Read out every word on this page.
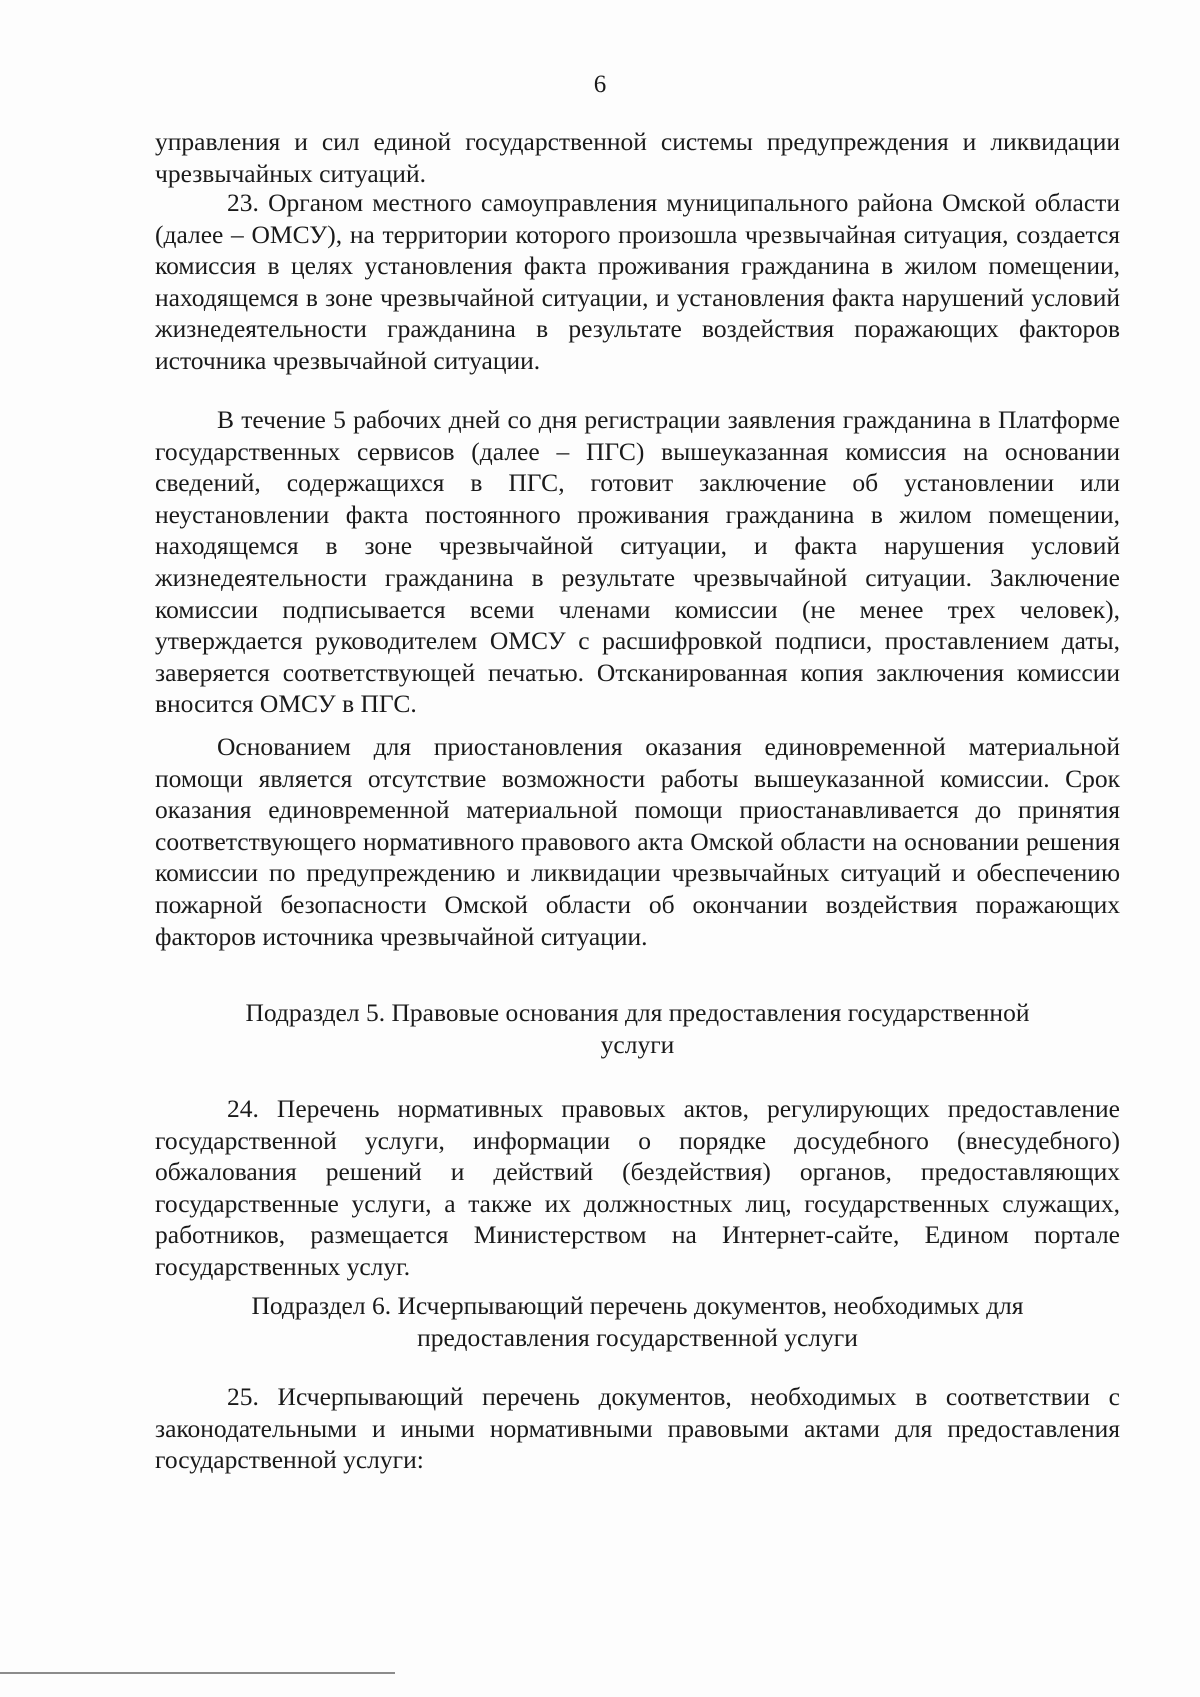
6
управления и сил единой государственной системы предупреждения и ликвидации чрезвычайных ситуаций.
23. Органом местного самоуправления муниципального района Омской области (далее – ОМСУ), на территории которого произошла чрезвычайная ситуация, создается комиссия в целях установления факта проживания гражданина в жилом помещении, находящемся в зоне чрезвычайной ситуации, и установления факта нарушений условий жизнедеятельности гражданина в результате воздействия поражающих факторов источника чрезвычайной ситуации.
В течение 5 рабочих дней со дня регистрации заявления гражданина в Платформе государственных сервисов (далее – ПГС) вышеуказанная комиссия на основании сведений, содержащихся в ПГС, готовит заключение об установлении или неустановлении факта постоянного проживания гражданина в жилом помещении, находящемся в зоне чрезвычайной ситуации, и факта нарушения условий жизнедеятельности гражданина в результате чрезвычайной ситуации. Заключение комиссии подписывается всеми членами комиссии (не менее трех человек), утверждается руководителем ОМСУ с расшифровкой подписи, проставлением даты, заверяется соответствующей печатью. Отсканированная копия заключения комиссии вносится ОМСУ в ПГС.
Основанием для приостановления оказания единовременной материальной помощи является отсутствие возможности работы вышеуказанной комиссии. Срок оказания единовременной материальной помощи приостанавливается до принятия соответствующего нормативного правового акта Омской области на основании решения комиссии по предупреждению и ликвидации чрезвычайных ситуаций и обеспечению пожарной безопасности Омской области об окончании воздействия поражающих факторов источника чрезвычайной ситуации.
Подраздел 5. Правовые основания для предоставления государственной
услуги
24. Перечень нормативных правовых актов, регулирующих предоставление государственной услуги, информации о порядке досудебного (внесудебного) обжалования решений и действий (бездействия) органов, предоставляющих государственные услуги, а также их должностных лиц, государственных служащих, работников, размещается Министерством на Интернет-сайте, Едином портале государственных услуг.
Подраздел 6. Исчерпывающий перечень документов, необходимых для
предоставления государственной услуги
25. Исчерпывающий перечень документов, необходимых в соответствии с законодательными и иными нормативными правовыми актами для предоставления государственной услуги:
